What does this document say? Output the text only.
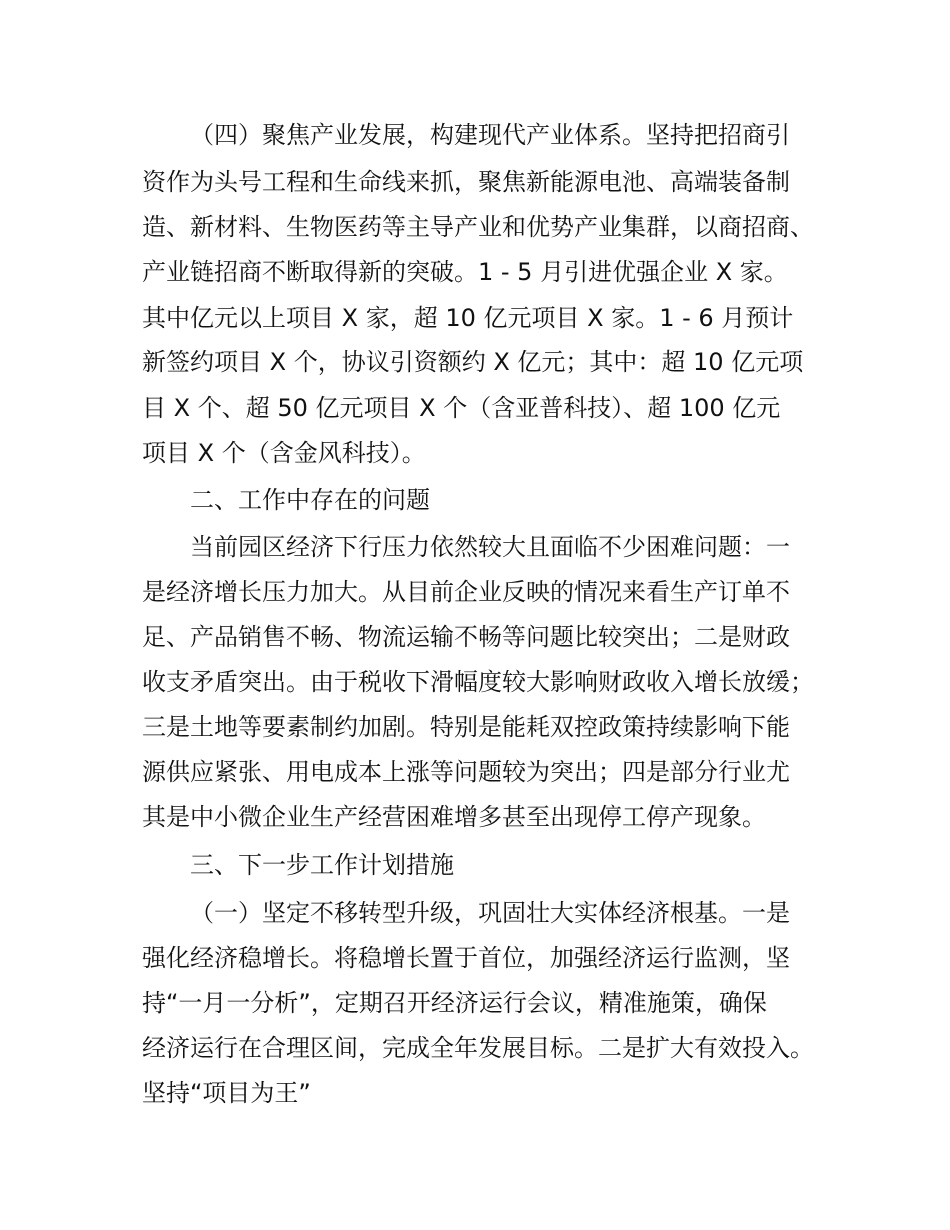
（四）聚焦产业发展，构建现代产业体系。坚持把招商引
资作为头号工程和生命线来抓，聚焦新能源电池、高端装备制
造、新材料、生物医药等主导产业和优势产业集群，以商招商、
产业链招商不断取得新的突破。1 - 5 月引进优强企业 X 家。
其中亿元以上项目 X 家，超 10 亿元项目 X 家。1 - 6 月预计
新签约项目 X 个，协议引资额约 X 亿元；其中：超 10 亿元项
目 X 个、超 50 亿元项目 X 个（含亚普科技）、超 100 亿元
项目 X 个（含金风科技）。
二、工作中存在的问题
当前园区经济下行压力依然较大且面临不少困难问题：一
是经济增长压力加大。从目前企业反映的情况来看生产订单不
足、产品销售不畅、物流运输不畅等问题比较突出；二是财政
收支矛盾突出。由于税收下滑幅度较大影响财政收入增长放缓；
三是土地等要素制约加剧。特别是能耗双控政策持续影响下能
源供应紧张、用电成本上涨等问题较为突出；四是部分行业尤
其是中小微企业生产经营困难增多甚至出现停工停产现象。
三、下一步工作计划措施
（一）坚定不移转型升级，巩固壮大实体经济根基。一是
强化经济稳增长。将稳增长置于首位，加强经济运行监测，坚
持“一月一分析”，定期召开经济运行会议，精准施策，确保
经济运行在合理区间，完成全年发展目标。二是扩大有效投入。
坚持“项目为王”
